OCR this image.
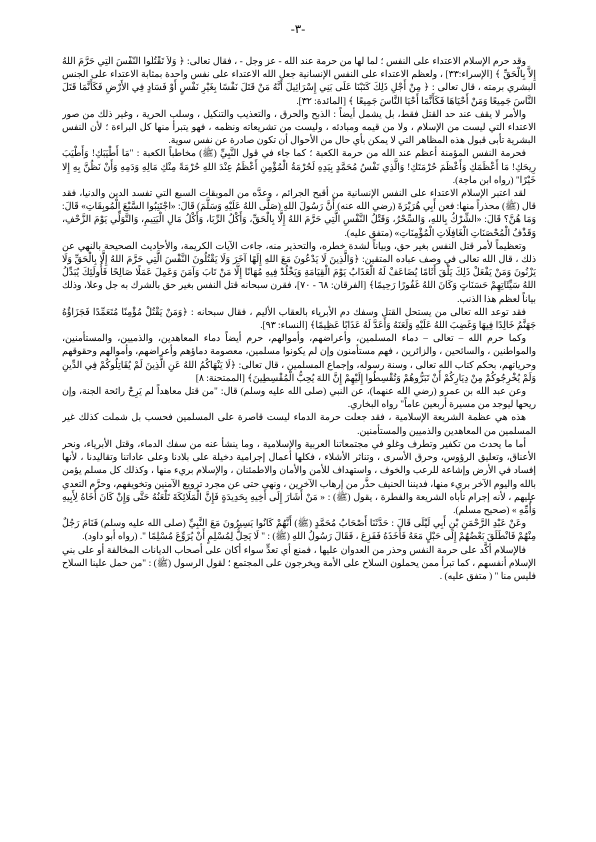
-٣-

وقد حرم الإسلام الاعتداء على النفس ؛ لما لها من حرمة عند الله - عز وجل - ، فقال تعالى: ﴿ وَلاَ تَقْتُلُوا النَّفْسَ الَّتِي حَرَّمَ اللهُ إِلاَّ بِالْحَقِّ ﴾ [الإسراء:٣٣] ، ولعظم الاعتداء على النفس الإنسانية جعل الله الاعتداء على نفس واحدة بمثابة الاعتداء على الجنس البشري برمته ، قال تعالى : ﴿ مِنْ أَجْلِ ذَلِكَ كَتَبْنَا عَلَى بَنِي إِسْرَائِيلَ أَنَّهُ مَنْ قَتَلَ نَفْسًا بِغَيْرِ نَفْسٍ أَوْ فَسَادٍ فِي الأَرْضِ فَكَأَنَّمَا قَتَلَ النَّاسَ جَمِيعًا وَمَنْ أَحْيَاهَا فَكَأَنَّمَا أَحْيَا النَّاسَ جَمِيعًا ﴾ [المائدة: ٣٢].

والأمر لا يقف عند حد القتل فقط، بل يشمل أيضاً : الذبح والحرق ، والتعذيب والتنكيل ، وسلب الحرية ، وغير ذلك من صور الاعتداء التي ليست من الإسلام ، ولا من قيمه ومبادئه ، وليست من تشريعاته ونظمه ، فهو يتبرأ منها كل البراءة ؛ لأن النفس البشرية تأبى قبول هذه المظاهر التي لا يمكن بأي حال من الأحوال أن تكون صادرة عن نفس سوية.

فحرمة النفس المؤمنة أعظم عند الله من حرمة الكعبة ؛ كما جاء في قول النَّبِيِّ (ﷺ) مخاطباً الكعبة : "مَا أَطْيَبَكِ! وَأَطْيَبَ رِيحَكِ! مَا أَعْظَمَكِ وَأَعْظَمَ حُرْمَتَكِ! وَالَّذِي نَفْسُ مُحَمَّدٍ بِيَدِهِ لَحُرْمَةُ الْمُؤْمِنِ أَعْظَمُ عِنْدَ اللهِ حُرْمَةً مِنْكِ مَالِهِ وَدَمِهِ وَأَنْ نَظُنَّ بِهِ إِلا خَيْرًا" (رواه ابن ماجة).

لقد اعتبر الإسلام الاعتداء على النفس الإنسانية من أقبح الجرائم ، وعدَّه من الموبقات السبع التي تفسد الدين والدنيا، فقد قال (ﷺ) محذراً منها: فعن أَبِي هُرَيْرَةَ (رضي الله عنه) أَنَّ رَسُولَ اللهِ (صَلَّى اللهُ عَلَيْهِ وَسَلَّمَ) قَالَ: «اجْتَنِبُوا السَّبْعَ الْمُوبِقَاتِ» قَالَ: وَمَا هُنَّ؟ قَالَ: «الشِّرْكُ بِاللهِ، وَالسِّحْرُ، وَقَتْلُ النَّفْسِ الَّتِي حَرَّمَ اللهُ إِلَّا بِالْحَقِّ، وَأَكْلُ الرِّبَا، وَأَكْلُ مَالِ الْيَتِيمِ، وَالتَّوَلِّي يَوْمَ الزَّحْفِ، وَقَذْفُ الْمُحْصَنَاتِ الْغَافِلَاتِ الْمُؤْمِنَاتِ» (متفق عليه).

وتعظيماً لأمر قتل النفس بغير حق، وبياناً لشدة خطره، والتحذير منه، جاءت الآيات الكريمة، والأحاديث الصحيحة بالنهي عن ذلك ، قال الله تعالى في وصف عباده المتقين: ﴿وَالَّذِينَ لَا يَدْعُونَ مَعَ اللهِ إِلَهًا آخَرَ وَلَا يَقْتُلُونَ النَّفْسَ الَّتِي حَرَّمَ اللهُ إِلَّا بِالْحَقِّ وَلَا يَزْنُونَ وَمَنْ يَفْعَلْ ذَلِكَ يَلْقَ أَثَامًا يُضَاعَفْ لَهُ الْعَذَابُ يَوْمَ الْقِيَامَةِ وَيَخْلُدْ فِيهِ مُهَانًا إِلَّا مَنْ تَابَ وَآمَنَ وَعَمِلَ عَمَلًا صَالِحًا فَأُولَئِكَ يُبَدِّلُ اللهُ سَيِّئَاتِهِمْ حَسَنَاتٍ وَكَانَ اللهُ غَفُورًا رَحِيمًا﴾ [الفرقان: ٦٨ - ٧٠]، فقرن سبحانه قتل النفس بغير حق بالشرك به جل وعلا، وذلك بياناً لعظم هذا الذنب.

فقد توعد الله تعالى من يستحل القتل وسفك دم الأبرياء بالعقاب الأليم ، فقال سبحانه : ﴿وَمَنْ يَقْتُلْ مُؤْمِنًا مُتَعَمِّدًا فَجَزَاؤُهُ جَهَنَّمُ خَالِدًا فِيهَا وَغَضِبَ اللهُ عَلَيْهِ وَلَعَنَهُ وَأَعَدَّ لَهُ عَذَابًا عَظِيمًا﴾ [النساء: ٩٣].

وكما حرم الله – تعالى – دماء المسلمين، وأعراضهم، وأموالهم، حرم أيضاً دماء المعاهدين، والذميين، والمستأمنين، والمواطنين ، والسائحين ، والزائرين ، فهم مستأمنون وإن لم يكونوا مسلمين، معصومة دماؤهم وأعراضهم، وأموالهم وحقوقهم وحرياتهم، بحكم كتاب الله تعالى ، وسنة رسوله، وإجماع المسلمين ، قال تعالى: ﴿لَا يَنْهَاكُمُ اللهُ عَنِ الَّذِينَ لَمْ يُقَاتِلُوكُمْ فِي الدِّينِ وَلَمْ يُخْرِجُوكُمْ مِنْ دِيَارِكُمْ أَنْ تَبَرُّوهُمْ وَتُقْسِطُوا إِلَيْهِمْ إِنَّ اللهَ يُحِبُّ الْمُقْسِطِينَ﴾ [الممتحنة: ٨]

وعن عبد الله بن عمرو (رضي الله عنهما)، عن النبي (صلى الله عليه وسلم) قال: "من قتل معاهداً لم يَرِحْ رائحة الجنة، وإن ريحها ليوجد من مسيرة أربعين عاماً" رواه البخاري.

هذه هي عظمة الشريعة الإسلامية ، فقد جعلت حرمة الدماء ليست قاصرة على المسلمين فحسب بل شملت كذلك غير المسلمين من المعاهدين والذميين والمستأمنين.

أما ما يحدث من تكفير وتطرف وغلو في مجتمعاتنا العربية والإسلامية ، وما ينشأ عنه من سفك الدماء، وقتل الأبرياء، ونحر الأعناق، وتعليق الرؤوس، وحرق الأسرى ، وتناثر الأشلاء ، فكلها أعمال إجرامية دخيلة على بلادنا وعلى عاداتنا وتقاليدنا ، لأنها إفساد في الأرض وإشاعة للرعب والخوف ، واستهداف للأمن والأمان والاطمئنان ، والإسلام بريء منها ، وكذلك كل مسلم يؤمن بالله واليوم الآخر بريء منها، فديننا الحنيف حذَّر من إرهاب الآخرين ، ونهى حتى عن مجرد ترويع الآمنين وتخويفهم، وحرَّم التعدي عليهم ، لأنه إجرام تأباه الشريعة والفطرة ، يقول (ﷺ) : « مَنْ أَشَارَ إِلَى أَخِيهِ بِحَدِيدَةٍ فَإِنَّ الْمَلَائِكَةَ تَلْعَنُهُ حَتَّى وَإِنْ كَانَ أَخَاهُ لِأَبِيهِ وَأُمِّهِ » (صحيح مسلم).

وعَنْ عَبْدِ الرَّحْمَنِ بْنِ أَبِي لَيْلَى قَالَ : حَدَّثَنَا أَصْحَابُ مُحَمَّدٍ (ﷺ) أَنَّهُمْ كَانُوا يَسِيرُونَ مَعَ النَّبِيِّ (صلى الله عليه وسلم) فَنَامَ رَجُلٌ مِنْهُمْ فَانْطَلَقَ بَعْضُهُمْ إِلَى حَبْلٍ مَعَهُ فَأَخَذَهُ فَفَزِعَ ، فَقَالَ رَسُولُ اللهِ (ﷺ) : " لَا يَحِلُّ لِمُسْلِمٍ أَنْ يُرَوِّعَ مُسْلِمًا ". (رواه أبو داود).

فالإسلام أكَّد على حرمة النفس وحذر من العدوان عليها ، فمنع أي تعدٍّ سواء أكان على أصحاب الديانات المخالفة أو على بني الإسلام أنفسهم ، كما تبرأ ممن يحملون السلاح على الأمة ويخرجون على المجتمع ؛ لقول الرسول (ﷺ) : "من حمل علينا السلاح فليس منا " ( متفق عليه) .
